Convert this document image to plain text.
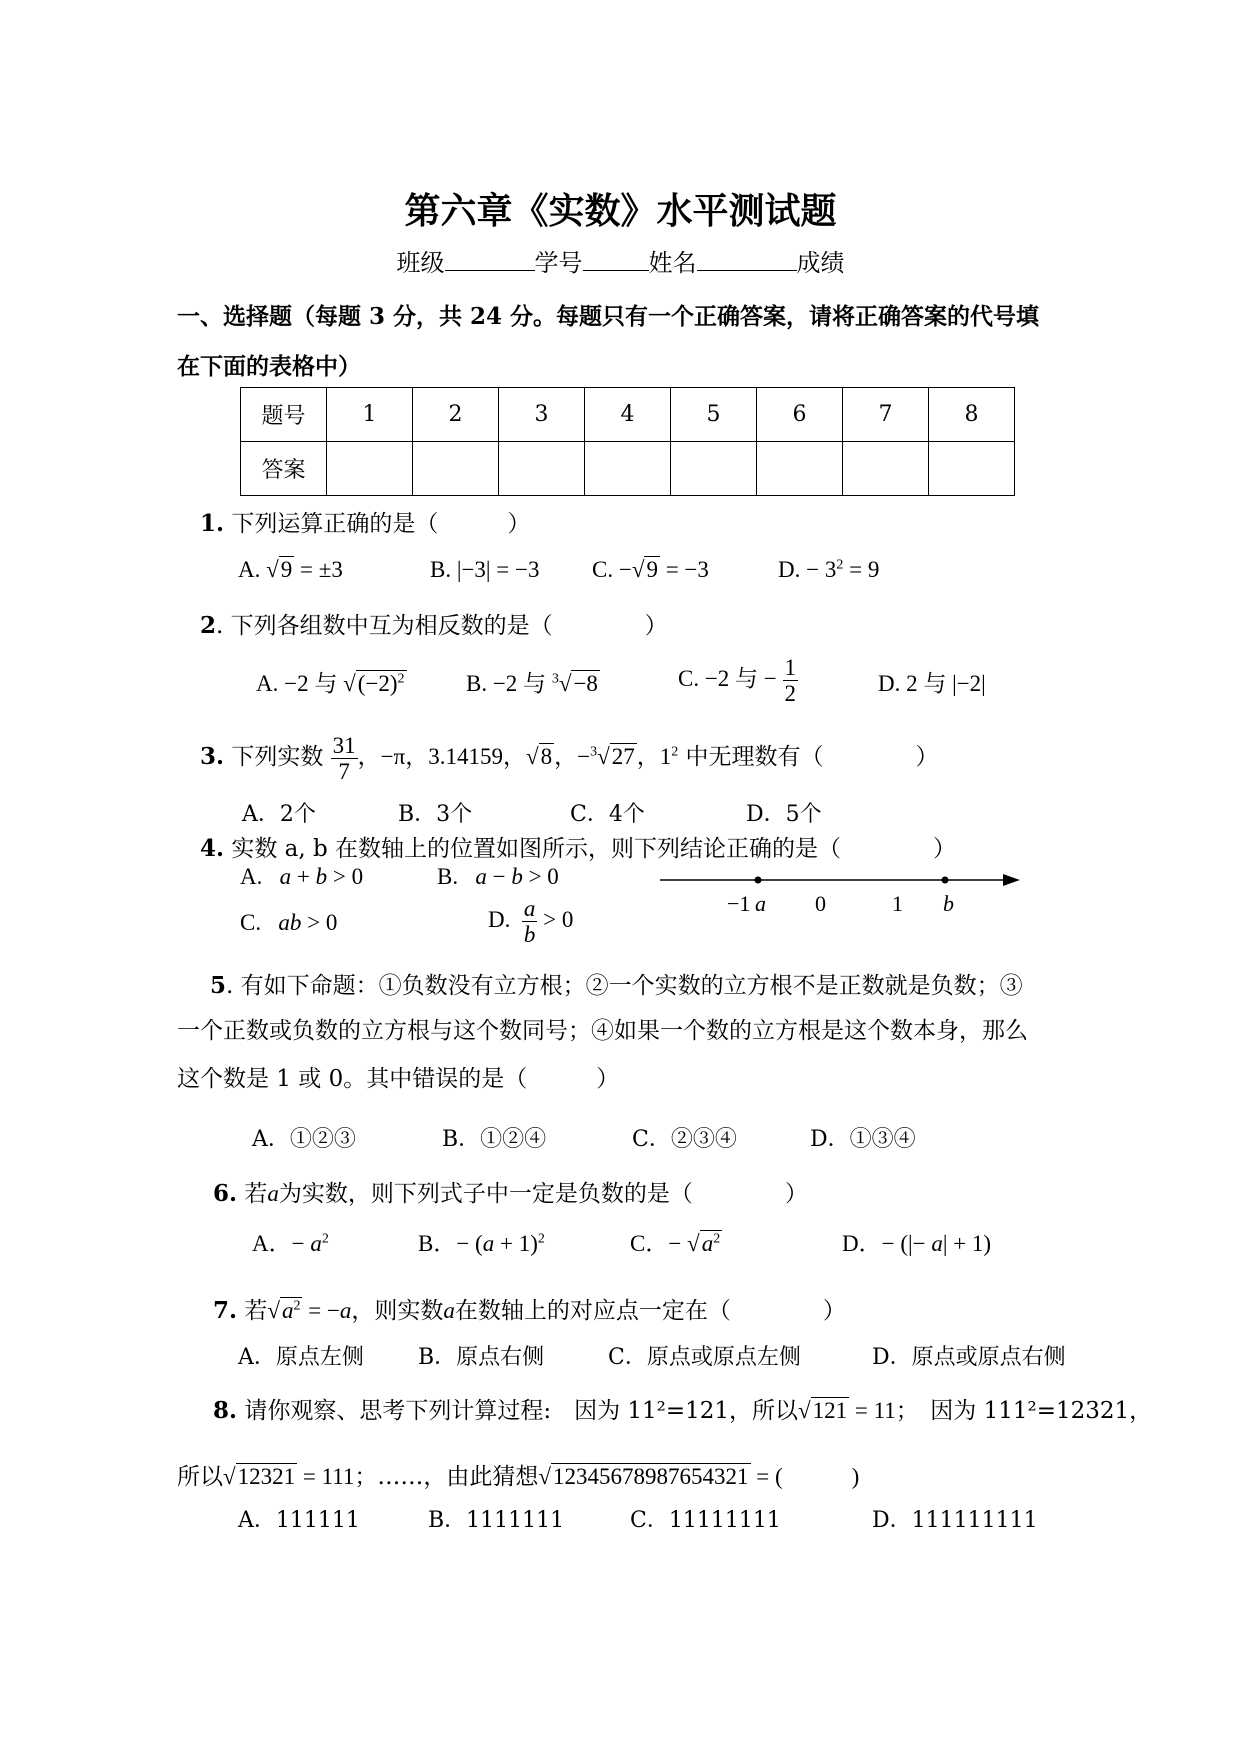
第六章《实数》水平测试题
班级	学号	姓名	成绩
一、选择题（每题 3 分，共 24 分。每题只有一个正确答案，请将正确答案的代号填
在下面的表格中）
题号	1	2	3	4	5	6	7	8
答案								
1. 下列运算正确的是（　　　）
A. √9 = ±3	B. |−3| = −3 C. −√9 = −3	D. − $3^2 = 9$
2. 下列各组数中互为相反数的是（　　　　）
A. −2 与 $√(-2)^2$	B. −2 与 $^3$√−8	C. −2 与 − $\frac{1}{2}$	D. 2 与 |−2|
3. 下列实数 $\frac{31}{7}$ ，−π，3.14159，√8，−$^3$√27，$1^2$ 中无理数有（　　　　）
A．2个	B．3个	C．4个	D．5个
4. 实数 a, b 在数轴上的位置如图所示，则下列结论正确的是（　　　　）
A.   a + b > 0	B.   a − b > 0
C.   ab > 0	D. $\frac{a}{b} > 0$
−1 a 0	1 b
5. 有如下命题：①负数没有立方根；②一个实数的立方根不是正数就是负数；③
一个正数或负数的立方根与这个数同号；④如果一个数的立方根是这个数本身，那么
这个数是 1 或 0。其中错误的是（　　　）
A．①②③	B．①②④	C．②③④	D．①③④
6. 若a为实数，则下列式子中一定是负数的是（　　　　）
A．− $a^2$	B．− $(a + 1)^2$	C．− $√a^2$	D．− (|− a| + 1)
7. 若$√a^2 = -a$，则实数a在数轴上的对应点一定在（　　　　）
A．原点左侧 B．原点右侧	C．原点或原点左侧	D．原点或原点右侧
8. 请你观察、思考下列计算过程:　因为 11²=121，所以√121 = 11；　因为 111²=12321，
所以√12321 = 111；……，由此猜想√12345678987654321 = (　　　)
A．111111	B．1111111	C．11111111	D．111111111
